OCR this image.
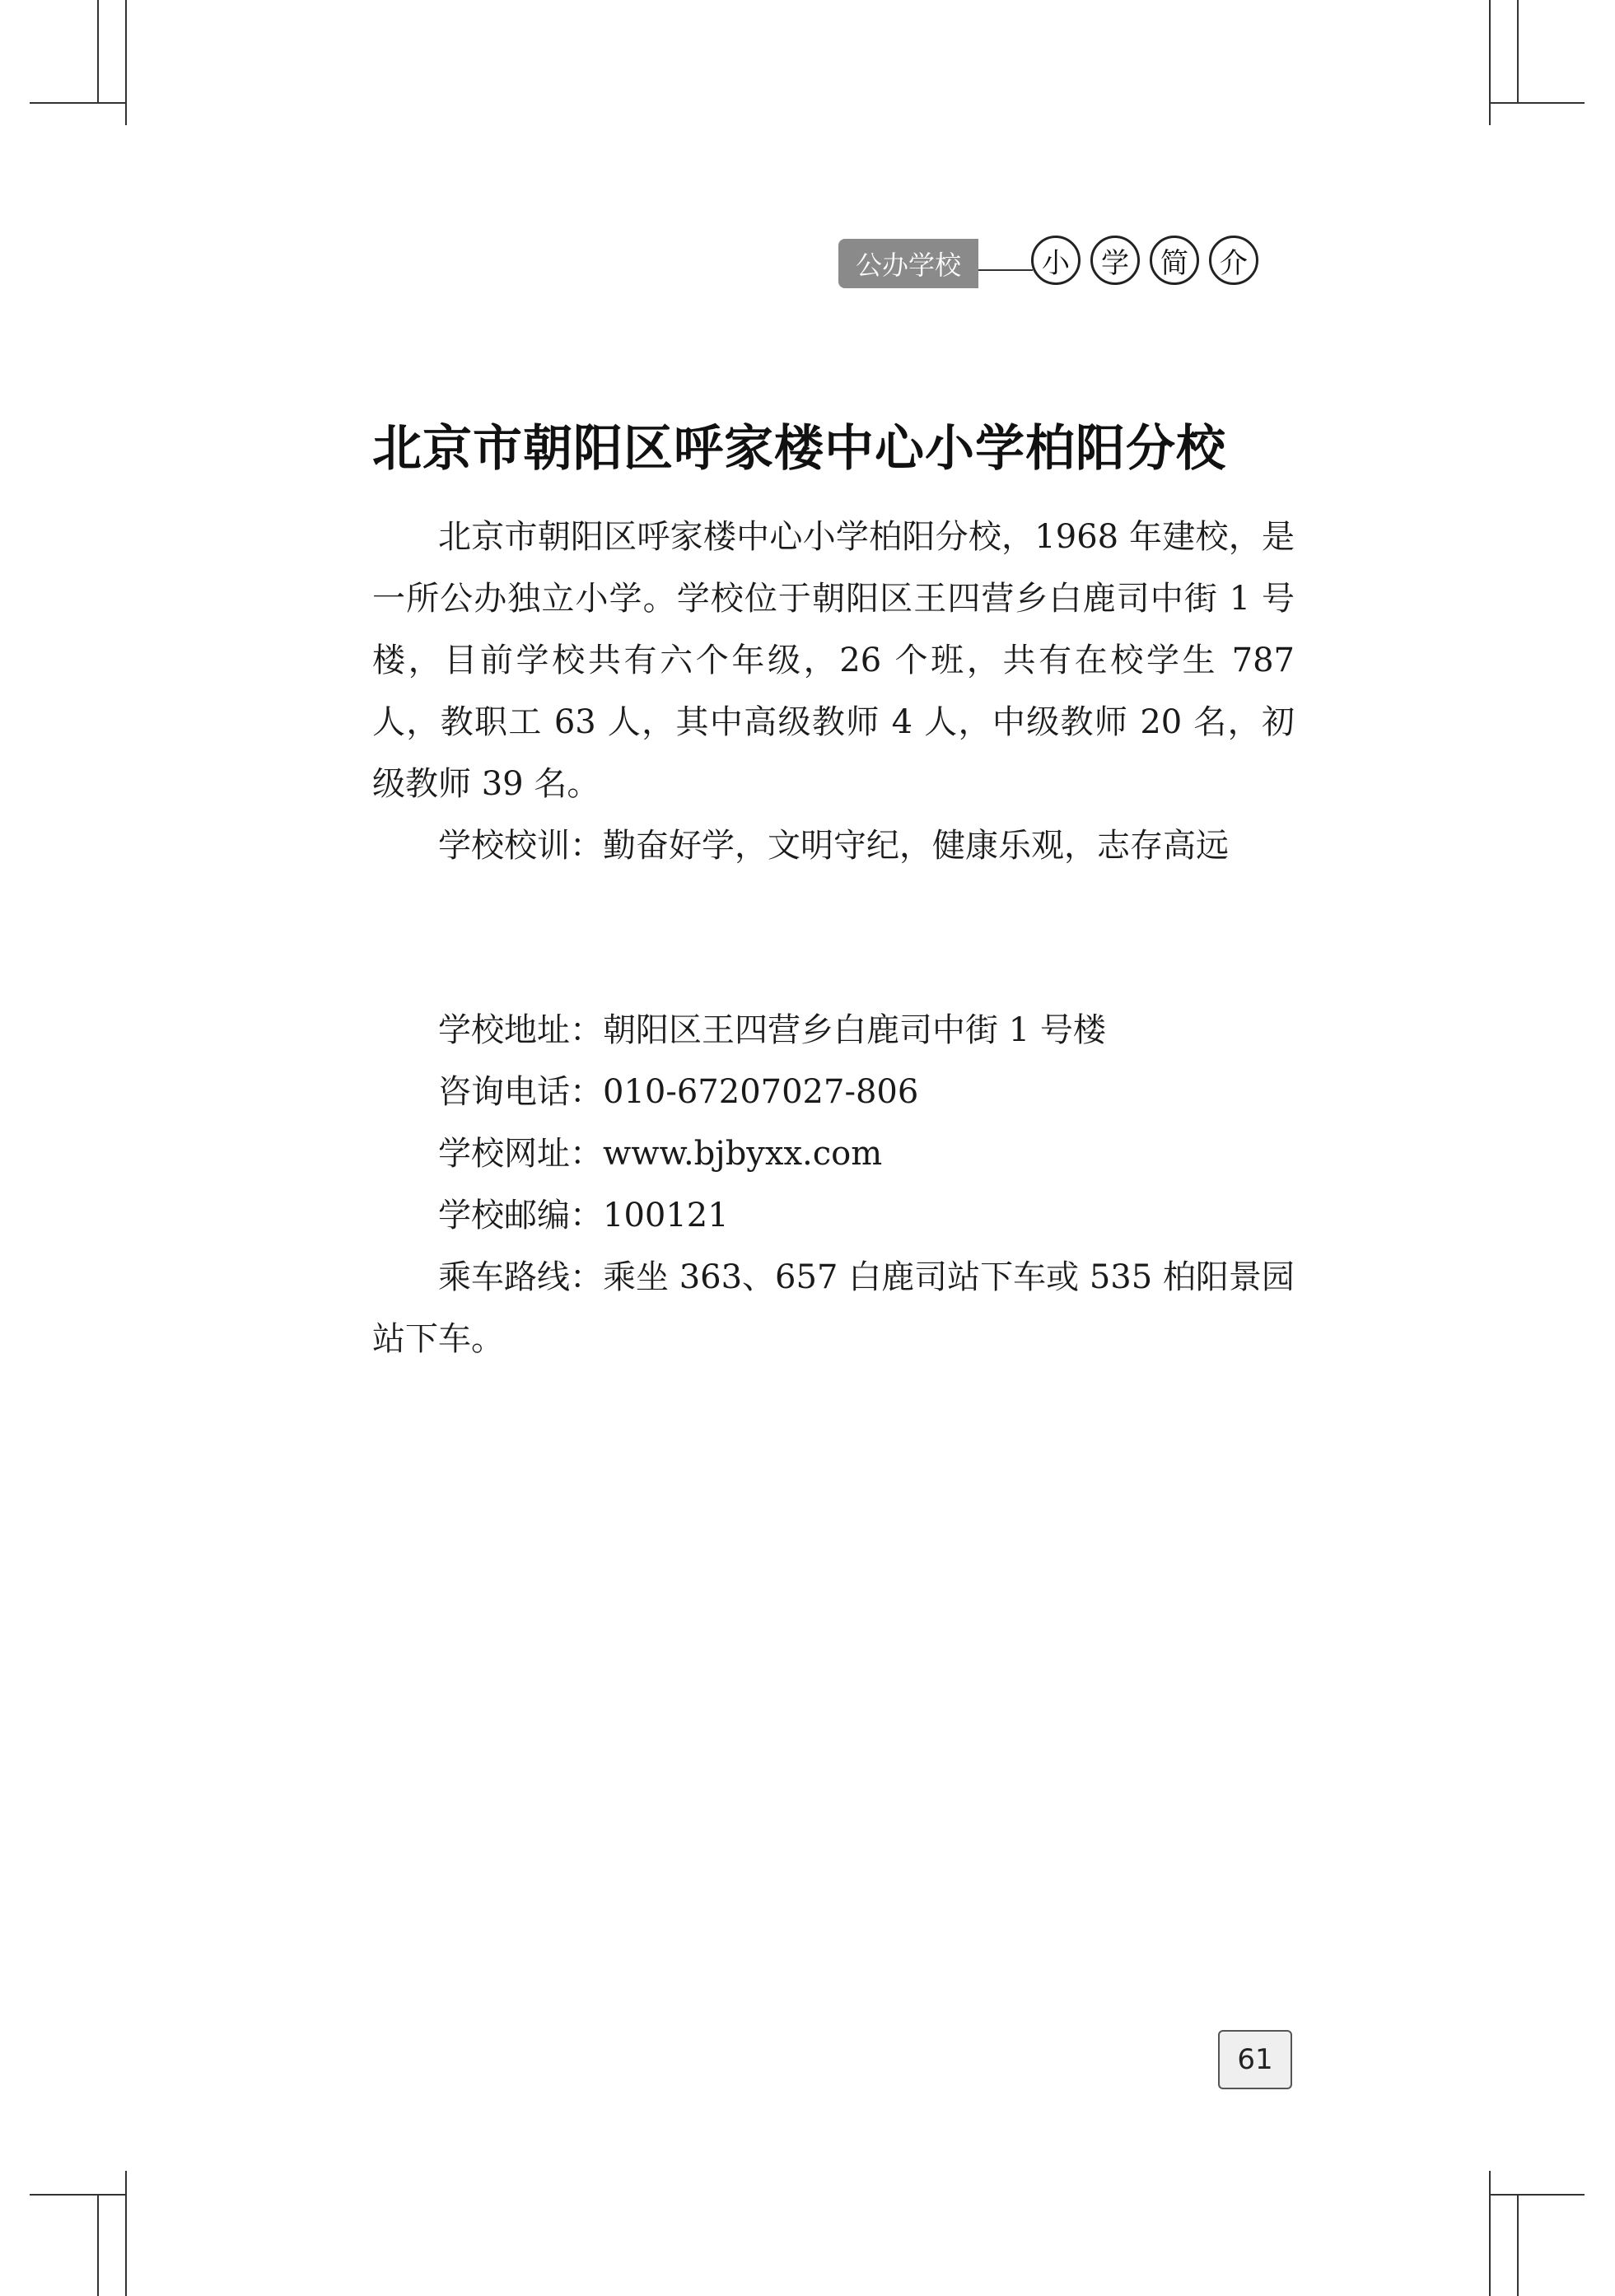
公办学校	小	学	简	介
北京市朝阳区呼家楼中心小学柏阳分校

北京市朝阳区呼家楼中心小学柏阳分校，1968 年建校，是一所公办独立小学。学校位于朝阳区王四营乡白鹿司中街 1 号楼，目前学校共有六个年级，26 个班，共有在校学生 787 人，教职工 63 人，其中高级教师 4 人，中级教师 20 名，初级教师 39 名。

学校校训：勤奋好学，文明守纪，健康乐观，志存高远

学校地址：朝阳区王四营乡白鹿司中街 1 号楼
咨询电话：010-67207027-806
学校网址：www.bjbyxx.com
学校邮编：100121
乘车路线：乘坐 363、657 白鹿司站下车或 535 柏阳景园站下车。
61
